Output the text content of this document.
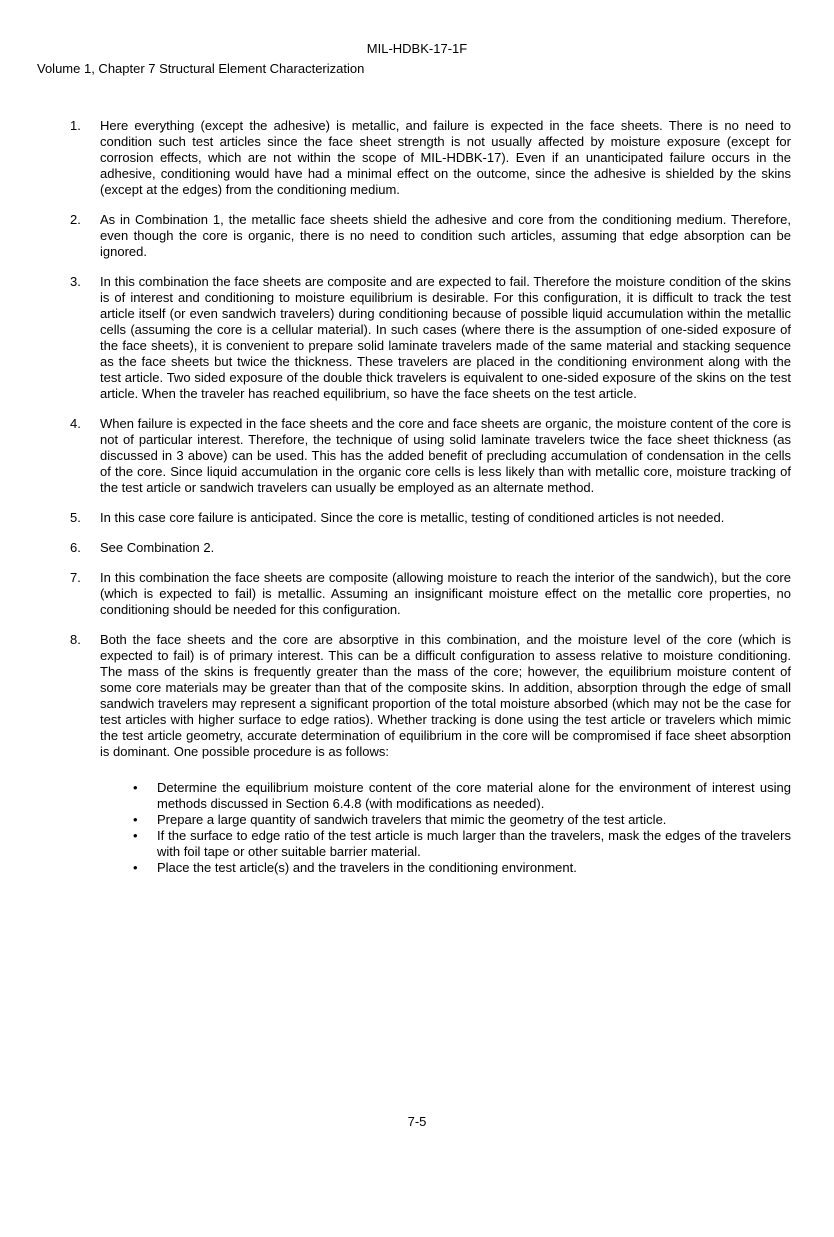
MIL-HDBK-17-1F
Volume 1, Chapter 7 Structural Element Characterization
1. Here everything (except the adhesive) is metallic, and failure is expected in the face sheets. There is no need to condition such test articles since the face sheet strength is not usually affected by moisture exposure (except for corrosion effects, which are not within the scope of MIL-HDBK-17). Even if an unanticipated failure occurs in the adhesive, conditioning would have had a minimal effect on the outcome, since the adhesive is shielded by the skins (except at the edges) from the conditioning medium.
2. As in Combination 1, the metallic face sheets shield the adhesive and core from the conditioning medium. Therefore, even though the core is organic, there is no need to condition such articles, assuming that edge absorption can be ignored.
3. In this combination the face sheets are composite and are expected to fail. Therefore the moisture condition of the skins is of interest and conditioning to moisture equilibrium is desirable. For this configuration, it is difficult to track the test article itself (or even sandwich travelers) during conditioning because of possible liquid accumulation within the metallic cells (assuming the core is a cellular material). In such cases (where there is the assumption of one-sided exposure of the face sheets), it is convenient to prepare solid laminate travelers made of the same material and stacking sequence as the face sheets but twice the thickness. These travelers are placed in the conditioning environment along with the test article. Two sided exposure of the double thick travelers is equivalent to one-sided exposure of the skins on the test article. When the traveler has reached equilibrium, so have the face sheets on the test article.
4. When failure is expected in the face sheets and the core and face sheets are organic, the moisture content of the core is not of particular interest. Therefore, the technique of using solid laminate travelers twice the face sheet thickness (as discussed in 3 above) can be used. This has the added benefit of precluding accumulation of condensation in the cells of the core. Since liquid accumulation in the organic core cells is less likely than with metallic core, moisture tracking of the test article or sandwich travelers can usually be employed as an alternate method.
5. In this case core failure is anticipated. Since the core is metallic, testing of conditioned articles is not needed.
6. See Combination 2.
7. In this combination the face sheets are composite (allowing moisture to reach the interior of the sandwich), but the core (which is expected to fail) is metallic. Assuming an insignificant moisture effect on the metallic core properties, no conditioning should be needed for this configuration.
8. Both the face sheets and the core are absorptive in this combination, and the moisture level of the core (which is expected to fail) is of primary interest. This can be a difficult configuration to assess relative to moisture conditioning. The mass of the skins is frequently greater than the mass of the core; however, the equilibrium moisture content of some core materials may be greater than that of the composite skins. In addition, absorption through the edge of small sandwich travelers may represent a significant proportion of the total moisture absorbed (which may not be the case for test articles with higher surface to edge ratios). Whether tracking is done using the test article or travelers which mimic the test article geometry, accurate determination of equilibrium in the core will be compromised if face sheet absorption is dominant. One possible procedure is as follows:
• Determine the equilibrium moisture content of the core material alone for the environment of interest using methods discussed in Section 6.4.8 (with modifications as needed).
• Prepare a large quantity of sandwich travelers that mimic the geometry of the test article.
• If the surface to edge ratio of the test article is much larger than the travelers, mask the edges of the travelers with foil tape or other suitable barrier material.
• Place the test article(s) and the travelers in the conditioning environment.
7-5
